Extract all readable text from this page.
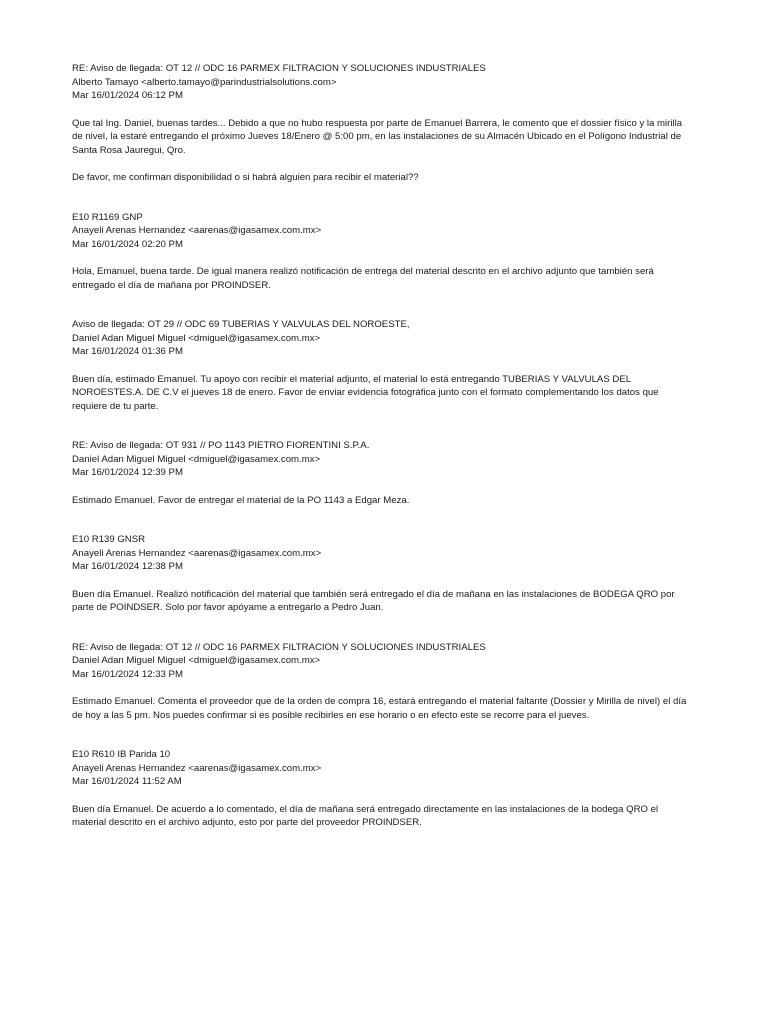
RE: Aviso de llegada: OT 12 // ODC 16 PARMEX FILTRACION Y SOLUCIONES INDUSTRIALES
Alberto Tamayo <alberto.tamayo@parindustrialsolutions.com>
Mar 16/01/2024 06:12 PM
Que tal Ing. Daniel, buenas tardes... Debido a que no hubo respuesta por parte de Emanuel Barrera, le comento que el dossier físico y la mirilla de nivel, la estaré entregando el próximo Jueves 18/Enero @ 5:00 pm, en las instalaciones de su Almacén Ubicado en el Polígono Industrial de Santa Rosa Jauregui, Qro.
De favor, me confirman disponibilidad o si habrá alguien para recibir el material??
E10 R1169 GNP
Anayeli Arenas Hernandez <aarenas@igasamex.com.mx>
Mar 16/01/2024 02:20 PM
Hola, Emanuel, buena tarde. De igual manera realizó notificación de entrega del material descrito en el archivo adjunto que también será entregado el día de mañana por PROINDSER.
Aviso de llegada: OT 29 // ODC 69 TUBERIAS Y VALVULAS DEL NOROESTE,
Daniel Adan Miguel Miguel <dmiguel@igasamex.com.mx>
Mar 16/01/2024 01:36 PM
Buen día, estimado Emanuel. Tu apoyo con recibir el material adjunto, el material lo está entregando TUBERIAS Y VALVULAS DEL NOROESTES.A. DE C.V el jueves 18 de enero. Favor de enviar evidencia fotográfica junto con el formato complementando los datos que requiere de tu parte.
RE: Aviso de llegada: OT 931 // PO 1143 PIETRO FIORENTINI S.P.A.
Daniel Adan Miguel Miguel <dmiguel@igasamex.com.mx>
Mar 16/01/2024 12:39 PM
Estimado Emanuel. Favor de entregar el material de la PO 1143 a Edgar Meza.
E10 R139 GNSR
Anayeli Arenas Hernandez <aarenas@igasamex.com.mx>
Mar 16/01/2024 12:38 PM
Buen día Emanuel. Realizó notificación del material que también será entregado el día de mañana en las instalaciones de BODEGA QRO por parte de POINDSER. Solo por favor apóyame a entregarlo a Pedro Juan.
RE: Aviso de llegada: OT 12 // ODC 16 PARMEX FILTRACION Y SOLUCIONES INDUSTRIALES
Daniel Adan Miguel Miguel <dmiguel@igasamex.com.mx>
Mar 16/01/2024 12:33 PM
Estimado Emanuel. Comenta el proveedor que de la orden de compra 16, estará entregando el material faltante (Dossier y Mirilla de nivel) el día de hoy a las 5 pm. Nos puedes confirmar si es posible recibirles en ese horario o en efecto este se recorre para el jueves.
E10 R610 IB Parida 10
Anayeli Arenas Hernandez <aarenas@igasamex.com.mx>
Mar 16/01/2024 11:52 AM
Buen día Emanuel. De acuerdo a lo comentado, el día de mañana será entregado directamente en las instalaciones de la bodega QRO el material descrito en el archivo adjunto, esto por parte del proveedor PROINDSER.
